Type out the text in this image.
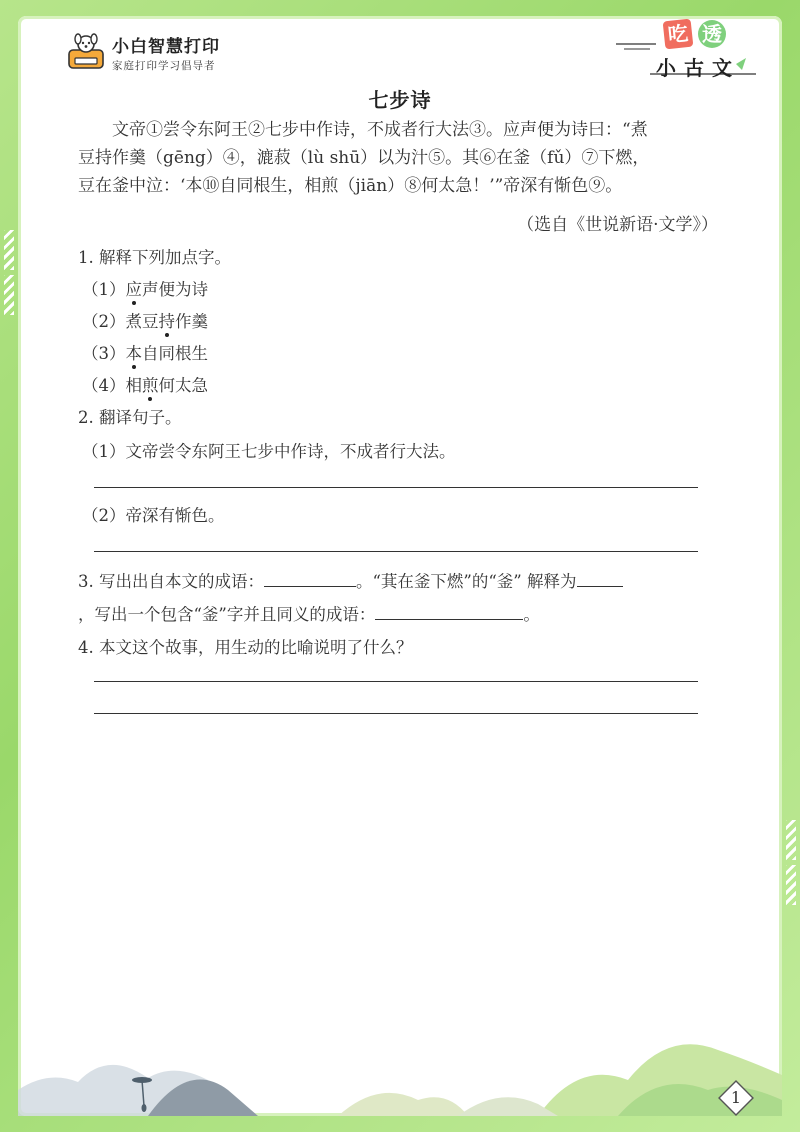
小白智慧打印
家庭打印学习倡导者
吃 透
小古文
七步诗

文帝①尝令东阿王②七步中作诗，不成者行大法③。应声便为诗曰：“煮

豆持作羹（gēng）④，漉菽（lù shū）以为汁⑤。其⑥在釜（fǔ）⑦下燃，
豆在釜中泣：‘本⑩自同根生，相煎（jiān）⑧何太急！’”帝深有惭色⑨。
（选自《世说新语·文学》）
1. 解释下列加点字。
（1）应声便为诗
（2）煮豆持作羹
（3）本自同根生
（4）相煎何太急
2. 翻译句子。
（1）文帝尝令东阿王七步中作诗，不成者行大法。
（2）帝深有惭色。
3. 写出出自本文的成语：	。“萁在釜下燃”的“釜” 解释为
，写出一个包含“釜”字并且同义的成语：	。
4. 本文这个故事，用生动的比喻说明了什么？
1
